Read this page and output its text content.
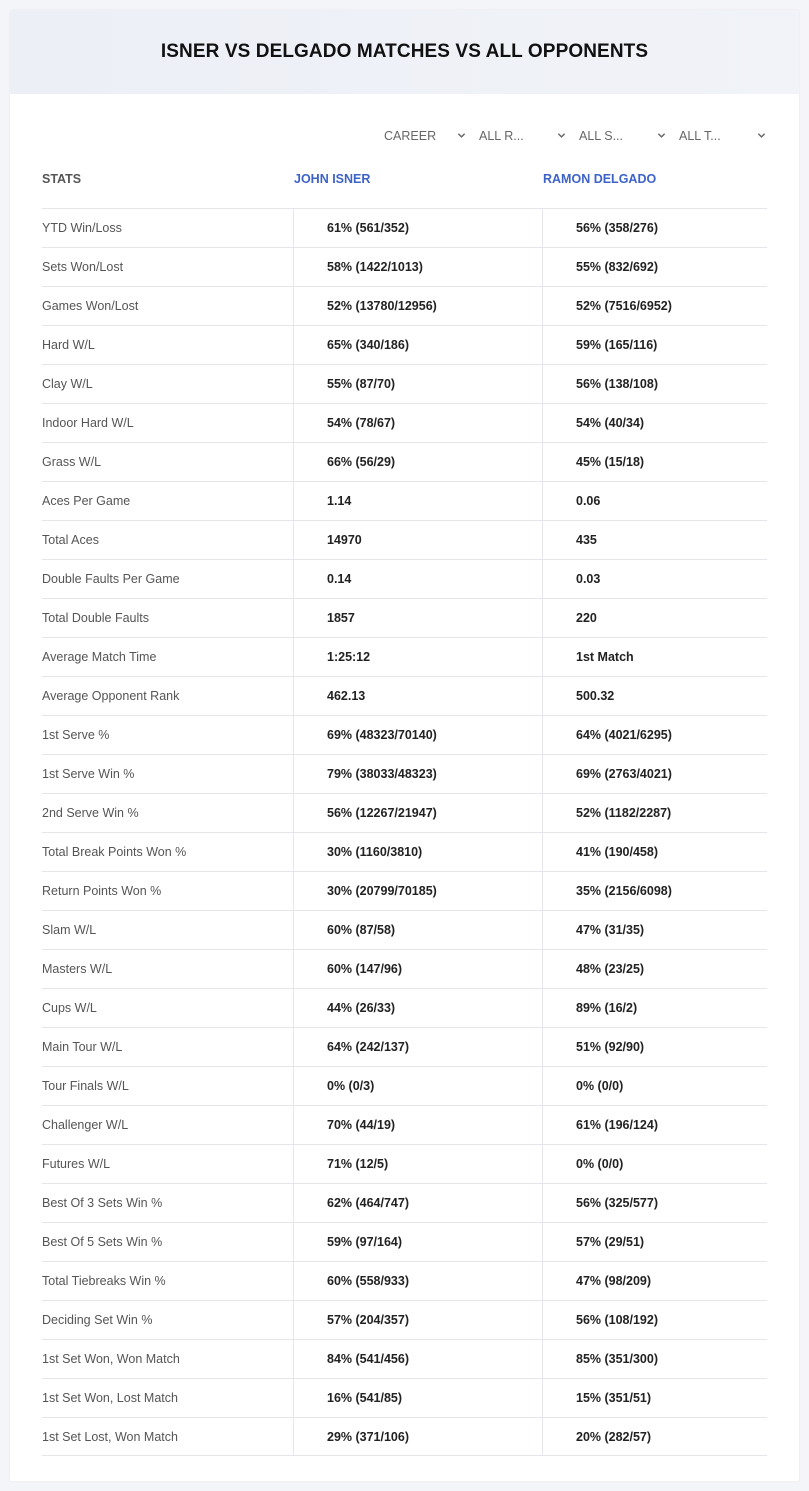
ISNER VS DELGADO MATCHES VS ALL OPPONENTS
CAREER	ALL R...	ALL S...	ALL T...
STATS	JOHN ISNER	RAMON DELGADO
YTD Win/Loss	61% (561/352)	56% (358/276)
Sets Won/Lost	58% (1422/1013)	55% (832/692)
Games Won/Lost	52% (13780/12956)	52% (7516/6952)
Hard W/L	65% (340/186)	59% (165/116)
Clay W/L	55% (87/70)	56% (138/108)
Indoor Hard W/L	54% (78/67)	54% (40/34)
Grass W/L	66% (56/29)	45% (15/18)
Aces Per Game	1.14	0.06
Total Aces	14970	435
Double Faults Per Game	0.14	0.03
Total Double Faults	1857	220
Average Match Time	1:25:12	1st Match
Average Opponent Rank	462.13	500.32
1st Serve %	69% (48323/70140)	64% (4021/6295)
1st Serve Win %	79% (38033/48323)	69% (2763/4021)
2nd Serve Win %	56% (12267/21947)	52% (1182/2287)
Total Break Points Won %	30% (1160/3810)	41% (190/458)
Return Points Won %	30% (20799/70185)	35% (2156/6098)
Slam W/L	60% (87/58)	47% (31/35)
Masters W/L	60% (147/96)	48% (23/25)
Cups W/L	44% (26/33)	89% (16/2)
Main Tour W/L	64% (242/137)	51% (92/90)
Tour Finals W/L	0% (0/3)	0% (0/0)
Challenger W/L	70% (44/19)	61% (196/124)
Futures W/L	71% (12/5)	0% (0/0)
Best Of 3 Sets Win %	62% (464/747)	56% (325/577)
Best Of 5 Sets Win %	59% (97/164)	57% (29/51)
Total Tiebreaks Win %	60% (558/933)	47% (98/209)
Deciding Set Win %	57% (204/357)	56% (108/192)
1st Set Won, Won Match	84% (541/456)	85% (351/300)
1st Set Won, Lost Match	16% (541/85)	15% (351/51)
1st Set Lost, Won Match	29% (371/106)	20% (282/57)
